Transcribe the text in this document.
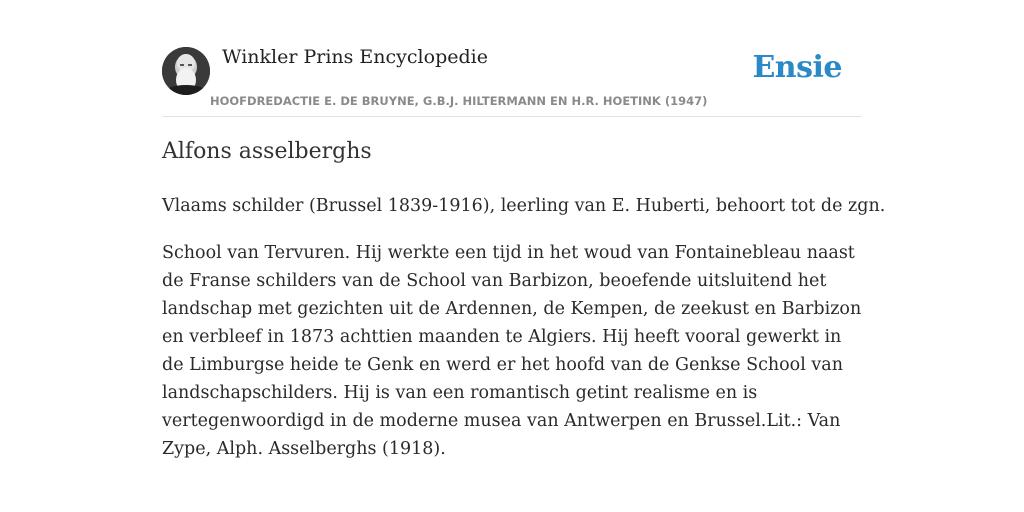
Winkler Prins Encyclopedie
HOOFDREDACTIE E. DE BRUYNE, G.B.J. HILTERMANN EN H.R. HOETINK (1947)
Ensie
Alfons asselberghs

Vlaams schilder (Brussel 1839-1916), leerling van E. Huberti, behoort tot de zgn.

School van Tervuren. Hij werkte een tijd in het woud van Fontainebleau naast de Franse schilders van de School van Barbizon, beoefende uitsluitend het landschap met gezichten uit de Ardennen, de Kempen, de zeekust en Barbizon en verbleef in 1873 achttien maanden te Algiers. Hij heeft vooral gewerkt in de Limburgse heide te Genk en werd er het hoofd van de Genkse School van landschapschilders. Hij is van een romantisch getint realisme en is vertegenwoordigd in de moderne musea van Antwerpen en Brussel.Lit.: Van Zype, Alph. Asselberghs (1918).
